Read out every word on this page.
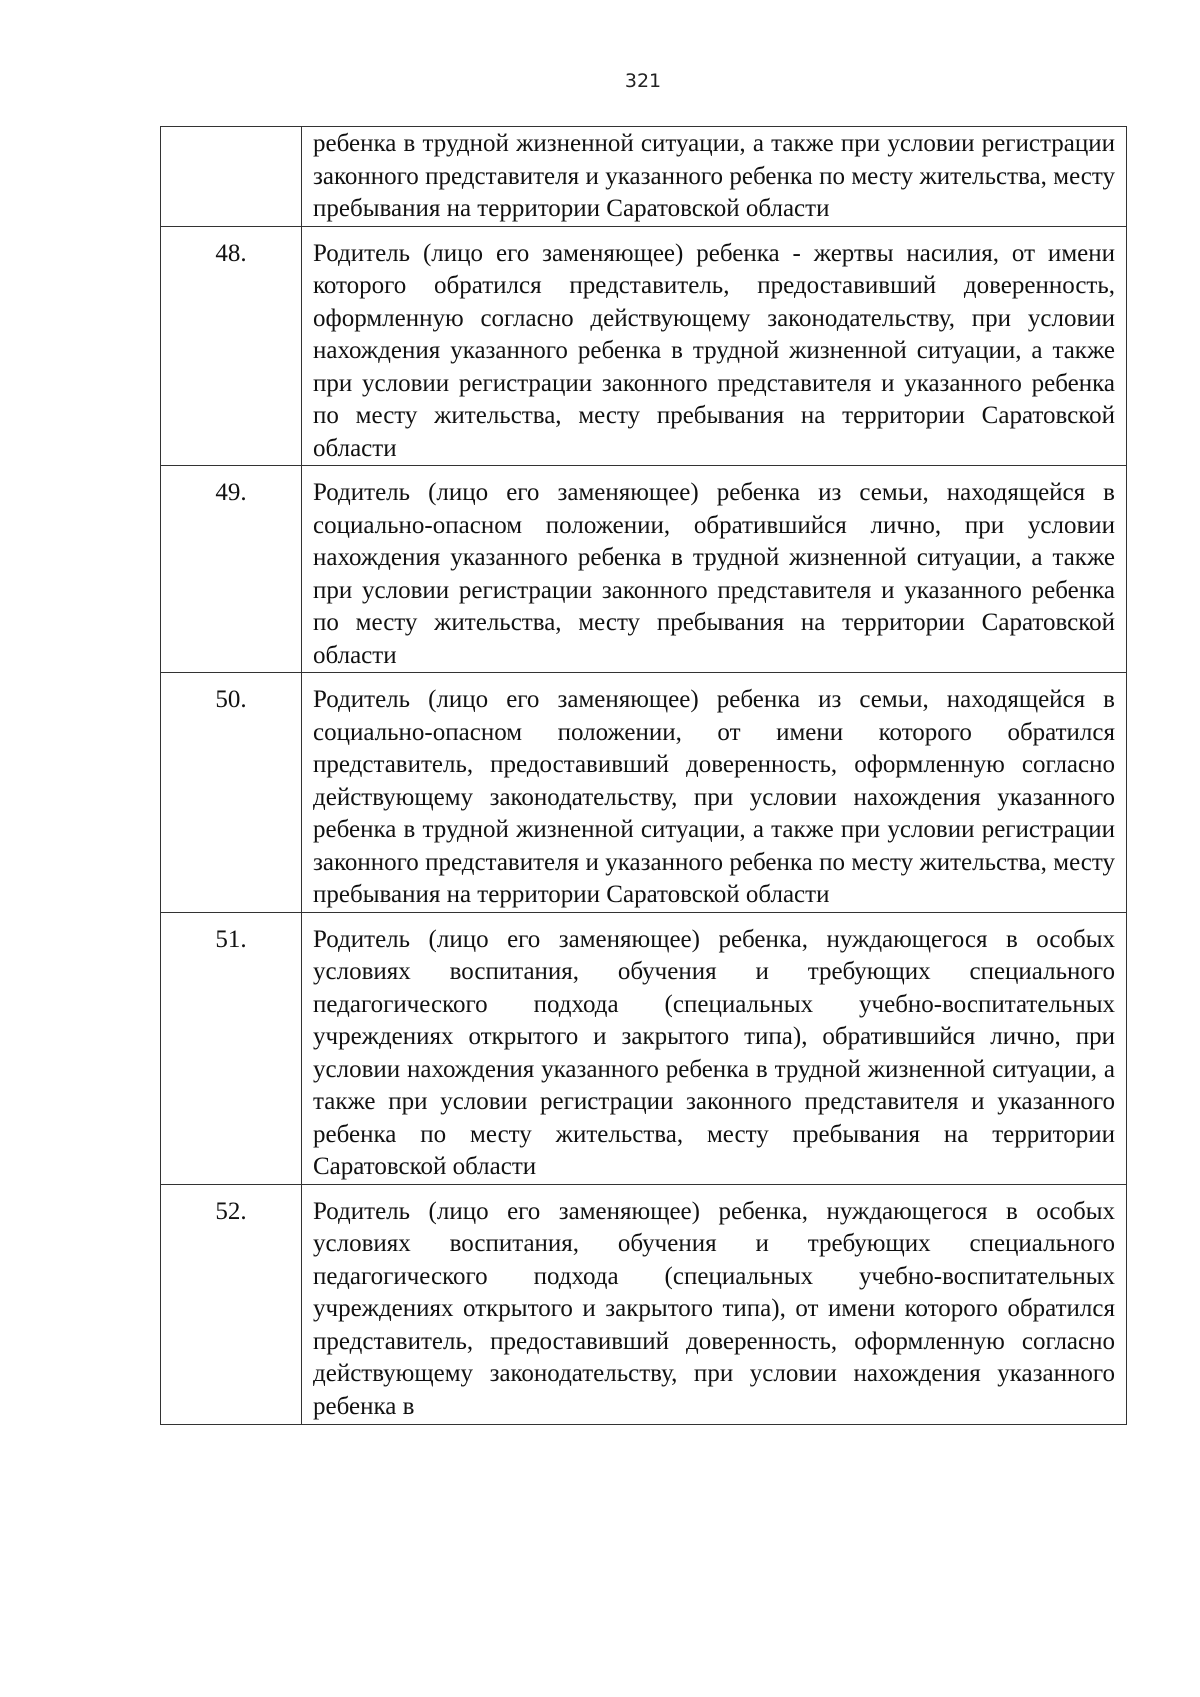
321
	ребенка в трудной жизненной ситуации, а также при условии регистрации законного представителя и указанного ребенка по месту жительства, месту пребывания на территории Саратовской области
48.	Родитель (лицо его заменяющее) ребенка - жертвы насилия, от имени которого обратился представитель, предоставивший доверенность, оформленную согласно действующему законодательству, при условии нахождения указанного ребенка в трудной жизненной ситуации, а также при условии регистрации законного представителя и указанного ребенка по месту жительства, месту пребывания на территории Саратовской области
49.	Родитель (лицо его заменяющее) ребенка из семьи, находящейся в социально-опасном положении, обратившийся лично, при условии нахождения указанного ребенка в трудной жизненной ситуации, а также при условии регистрации законного представителя и указанного ребенка по месту жительства, месту пребывания на территории Саратовской области
50.	Родитель (лицо его заменяющее) ребенка из семьи, находящейся в социально-опасном положении, от имени которого обратился представитель, предоставивший доверенность, оформленную согласно действующему законодательству, при условии нахождения указанного ребенка в трудной жизненной ситуации, а также при условии регистрации законного представителя и указанного ребенка по месту жительства, месту пребывания на территории Саратовской области
51.	Родитель (лицо его заменяющее) ребенка, нуждающегося в особых условиях воспитания, обучения и требующих специального педагогического подхода (специальных учебно-воспитательных учреждениях открытого и закрытого типа), обратившийся лично, при условии нахождения указанного ребенка в трудной жизненной ситуации, а также при условии регистрации законного представителя и указанного ребенка по месту жительства, месту пребывания на территории Саратовской области
52.	Родитель (лицо его заменяющее) ребенка, нуждающегося в особых условиях воспитания, обучения и требующих специального педагогического подхода (специальных учебно-воспитательных учреждениях открытого и закрытого типа), от имени которого обратился представитель, предоставивший доверенность, оформленную согласно действующему законодательству, при условии нахождения указанного ребенка в
